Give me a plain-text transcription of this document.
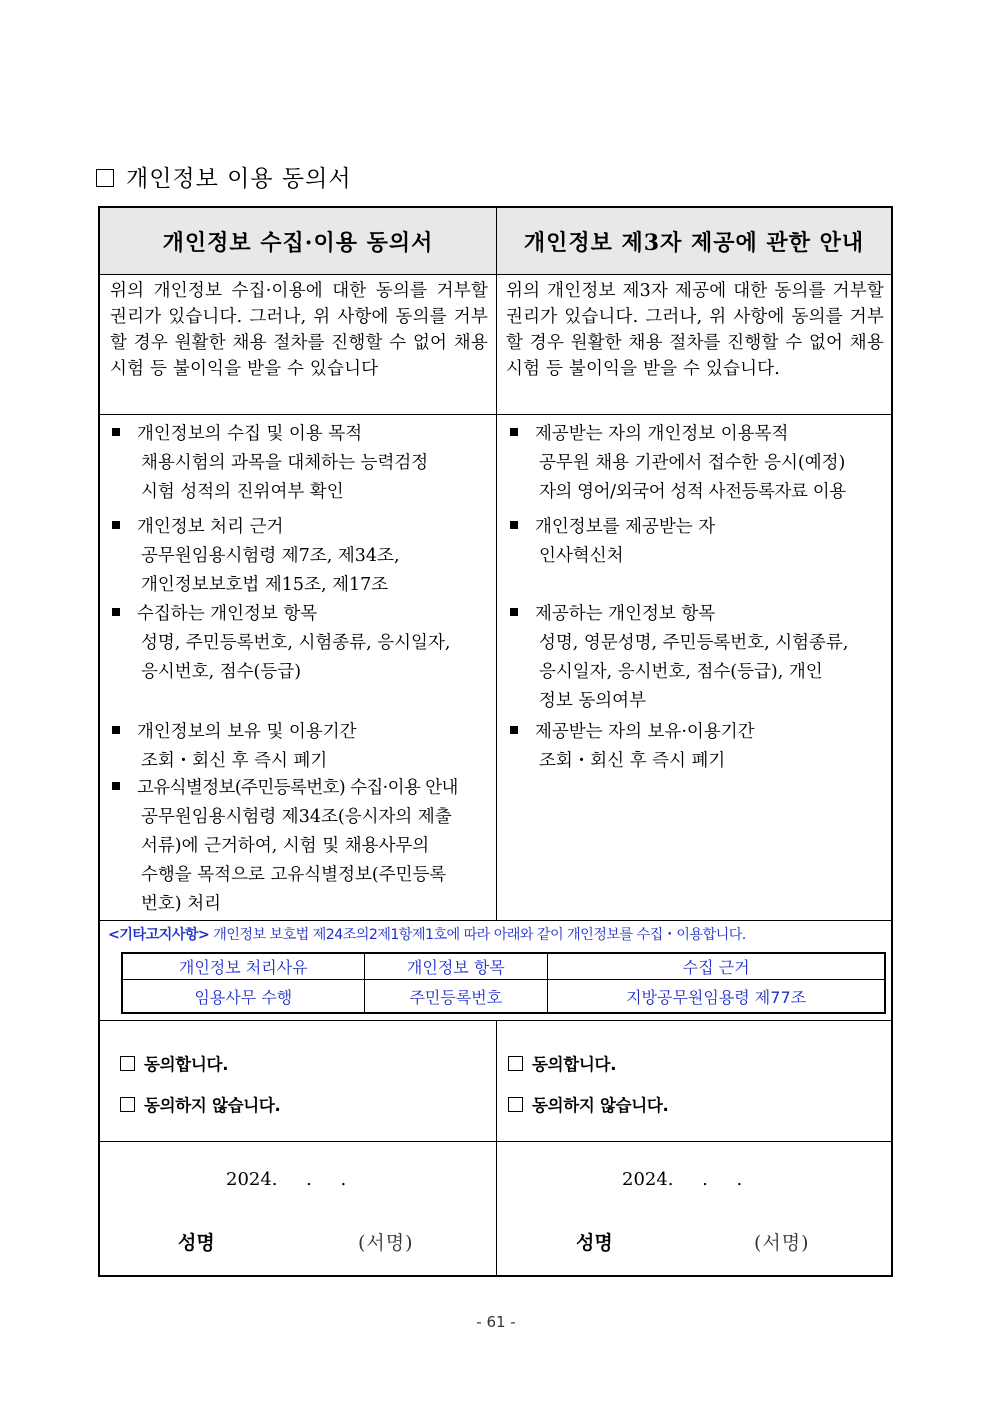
개인정보 이용 동의서
개인정보 수집·이용 동의서	개인정보 제3자 제공에 관한 안내
위의 개인정보 수집·이용에 대한 동의를 거부할 권리가 있습니다. 그러나, 위 사항에 동의를 거부할 경우 원활한 채용 절차를 진행할 수 없어 채용시험 등 불이익을 받을 수 있습니다
위의 개인정보 제3자 제공에 대한 동의를 거부할 권리가 있습니다. 그러나, 위 사항에 동의를 거부할 경우 원활한 채용 절차를 진행할 수 없어 채용시험 등 불이익을 받을 수 있습니다.
개인정보의 수집 및 이용 목적
채용시험의 과목을 대체하는 능력검정
시험 성적의 진위여부 확인
개인정보 처리 근거
공무원임용시험령 제7조, 제34조,
개인정보보호법 제15조, 제17조
수집하는 개인정보 항목
성명, 주민등록번호, 시험종류, 응시일자,
응시번호, 점수(등급)
개인정보의 보유 및 이용기간
조회・회신 후 즉시 폐기
고유식별정보(주민등록번호) 수집·이용 안내
공무원임용시험령 제34조(응시자의 제출
서류)에 근거하여, 시험 및 채용사무의
수행을 목적으로 고유식별정보(주민등록
번호) 처리
제공받는 자의 개인정보 이용목적
공무원 채용 기관에서 접수한 응시(예정)
자의 영어/외국어 성적 사전등록자료 이용
개인정보를 제공받는 자
인사혁신처
제공하는 개인정보 항목
성명, 영문성명, 주민등록번호, 시험종류,
응시일자, 응시번호, 점수(등급), 개인
정보 동의여부
제공받는 자의 보유·이용기간
조회・회신 후 즉시 폐기
<기타고지사항> 개인정보 보호법 제24조의2제1항제1호에 따라 아래와 같이 개인정보를 수집・이용합니다.
개인정보 처리사유	개인정보 항목	수집 근거
임용사무 수행	주민등록번호	지방공무원임용령 제77조
동의합니다.
동의하지 않습니다.
동의합니다.
동의하지 않습니다.
2024.     .     .	2024.     .     .
성명	(서명)	성명	(서명)
- 61 -
